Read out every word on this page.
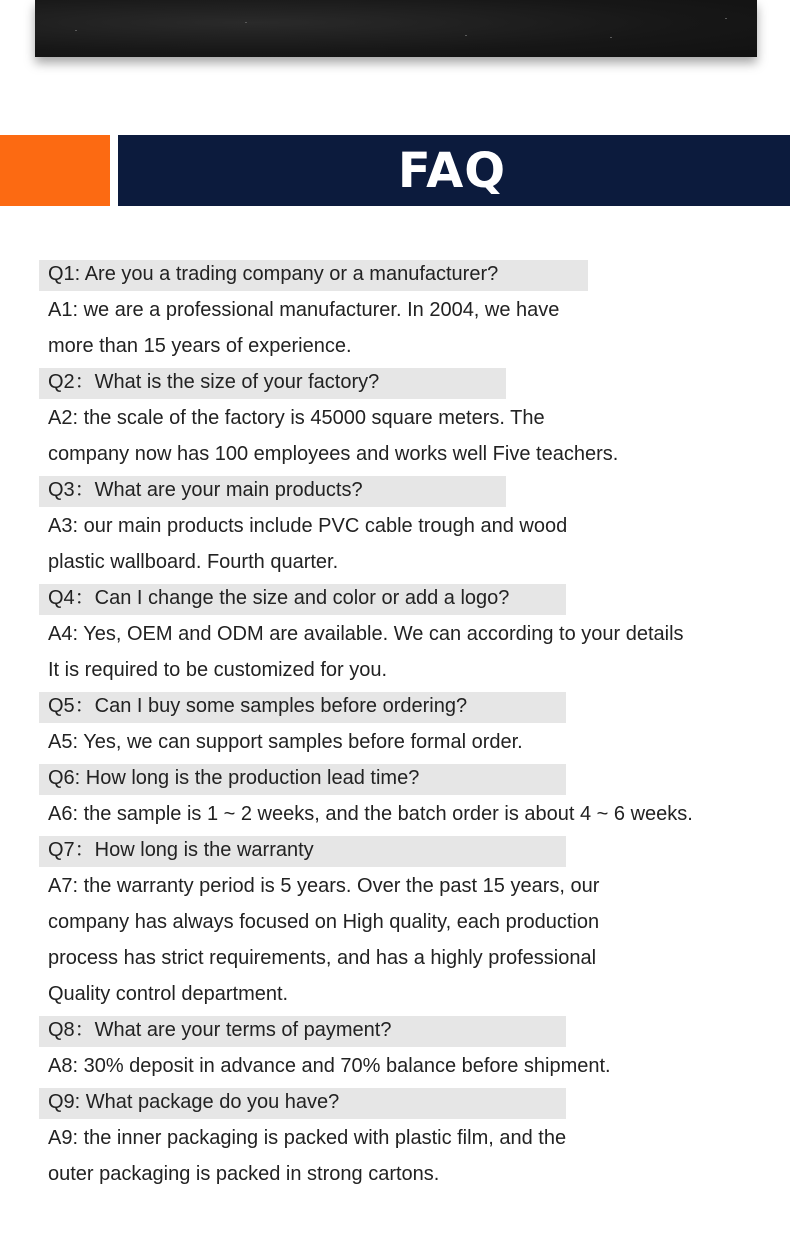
FAQ
Q1: Are you a trading company or a manufacturer?
A1: we are a professional manufacturer. In 2004, we have
more than 15 years of experience.
Q2：What is the size of your factory?
A2: the scale of the factory is 45000 square meters. The
company now has 100 employees and works well Five teachers.
Q3：What are your main products?
A3: our main products include PVC cable trough and wood
plastic wallboard. Fourth quarter.
Q4：Can I change the size and color or add a logo?
A4: Yes, OEM and ODM are available. We can according to your details
It is required to be customized for you.
Q5：Can I buy some samples before ordering?
A5: Yes, we can support samples before formal order.
Q6: How long is the production lead time?
A6: the sample is 1 ~ 2 weeks, and the batch order is about 4 ~ 6 weeks.
Q7：How long is the warranty
A7: the warranty period is 5 years. Over the past 15 years, our
company has always focused on High quality, each production
process has strict requirements, and has a highly professional
Quality control department.
Q8：What are your terms of payment?
A8: 30% deposit in advance and 70% balance before shipment.
Q9: What package do you have?
A9: the inner packaging is packed with plastic film, and the
outer packaging is packed in strong cartons.
